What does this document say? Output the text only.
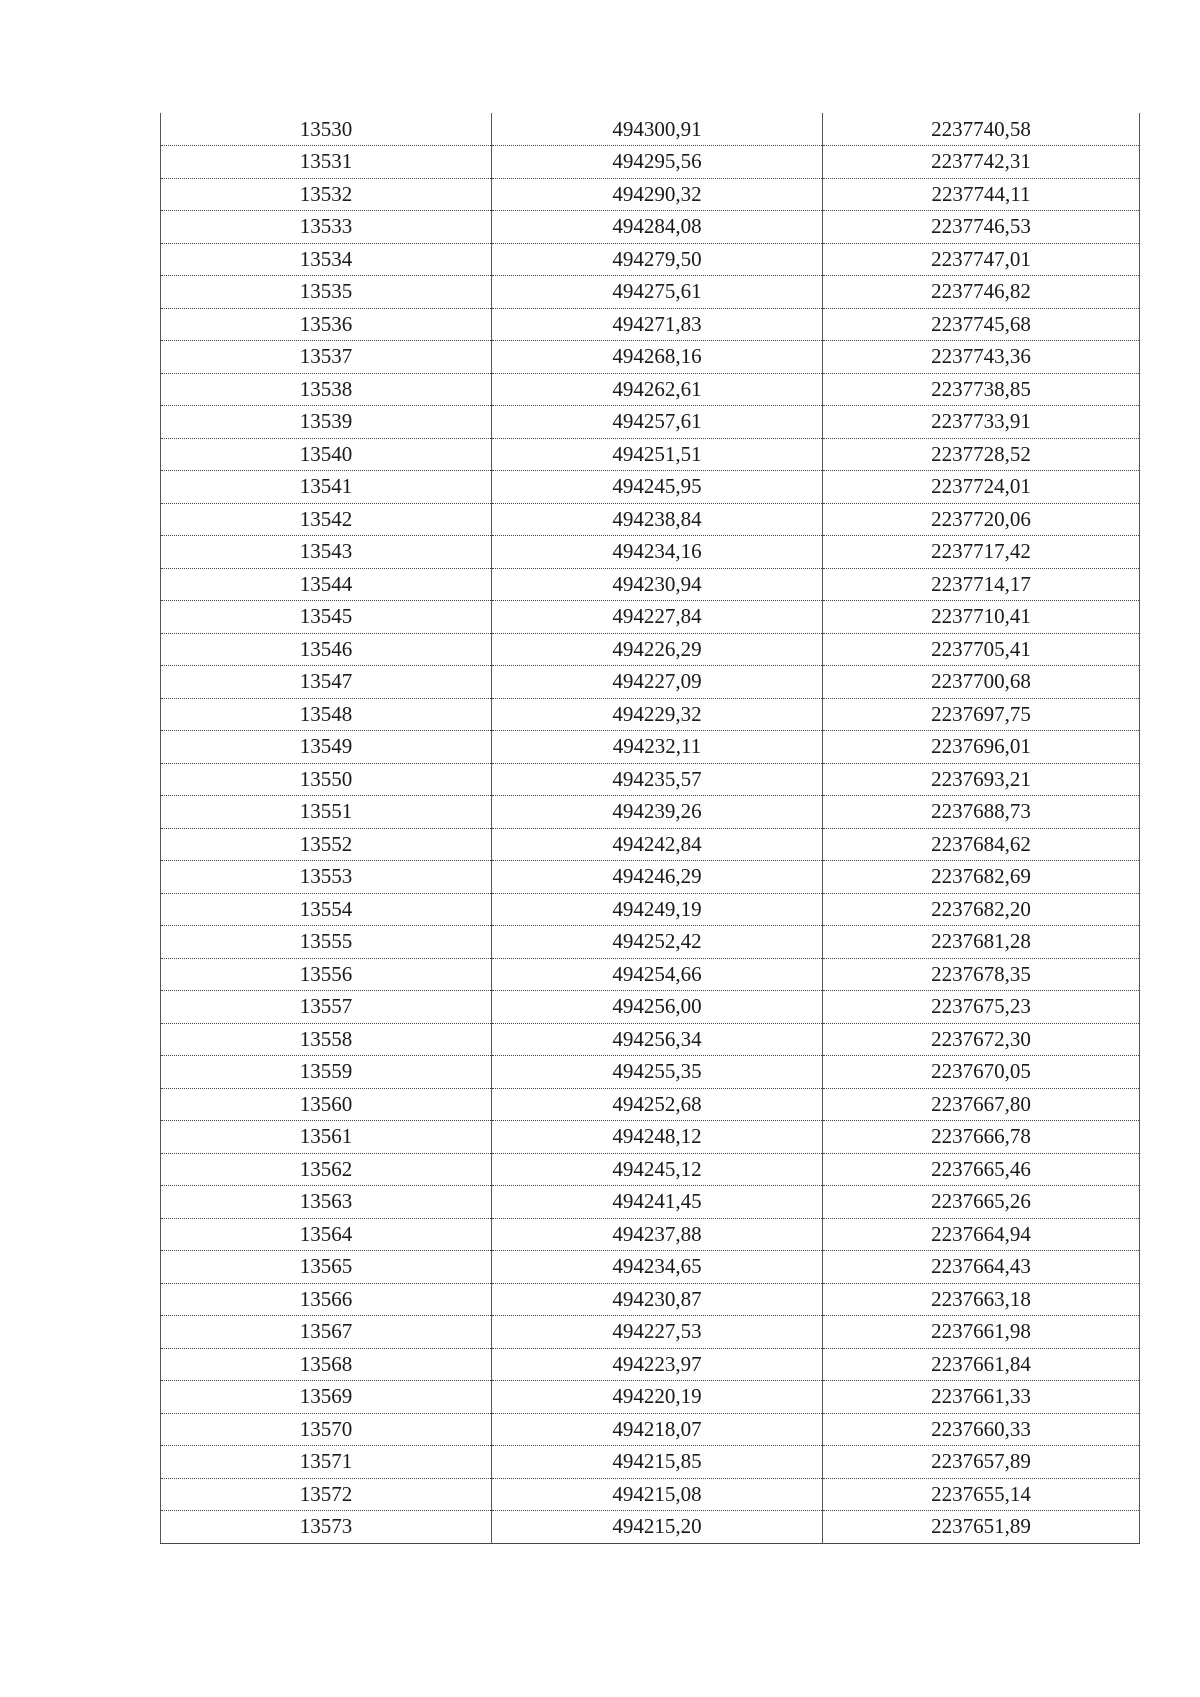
13530	494300,91	2237740,58
13531	494295,56	2237742,31
13532	494290,32	2237744,11
13533	494284,08	2237746,53
13534	494279,50	2237747,01
13535	494275,61	2237746,82
13536	494271,83	2237745,68
13537	494268,16	2237743,36
13538	494262,61	2237738,85
13539	494257,61	2237733,91
13540	494251,51	2237728,52
13541	494245,95	2237724,01
13542	494238,84	2237720,06
13543	494234,16	2237717,42
13544	494230,94	2237714,17
13545	494227,84	2237710,41
13546	494226,29	2237705,41
13547	494227,09	2237700,68
13548	494229,32	2237697,75
13549	494232,11	2237696,01
13550	494235,57	2237693,21
13551	494239,26	2237688,73
13552	494242,84	2237684,62
13553	494246,29	2237682,69
13554	494249,19	2237682,20
13555	494252,42	2237681,28
13556	494254,66	2237678,35
13557	494256,00	2237675,23
13558	494256,34	2237672,30
13559	494255,35	2237670,05
13560	494252,68	2237667,80
13561	494248,12	2237666,78
13562	494245,12	2237665,46
13563	494241,45	2237665,26
13564	494237,88	2237664,94
13565	494234,65	2237664,43
13566	494230,87	2237663,18
13567	494227,53	2237661,98
13568	494223,97	2237661,84
13569	494220,19	2237661,33
13570	494218,07	2237660,33
13571	494215,85	2237657,89
13572	494215,08	2237655,14
13573	494215,20	2237651,89
